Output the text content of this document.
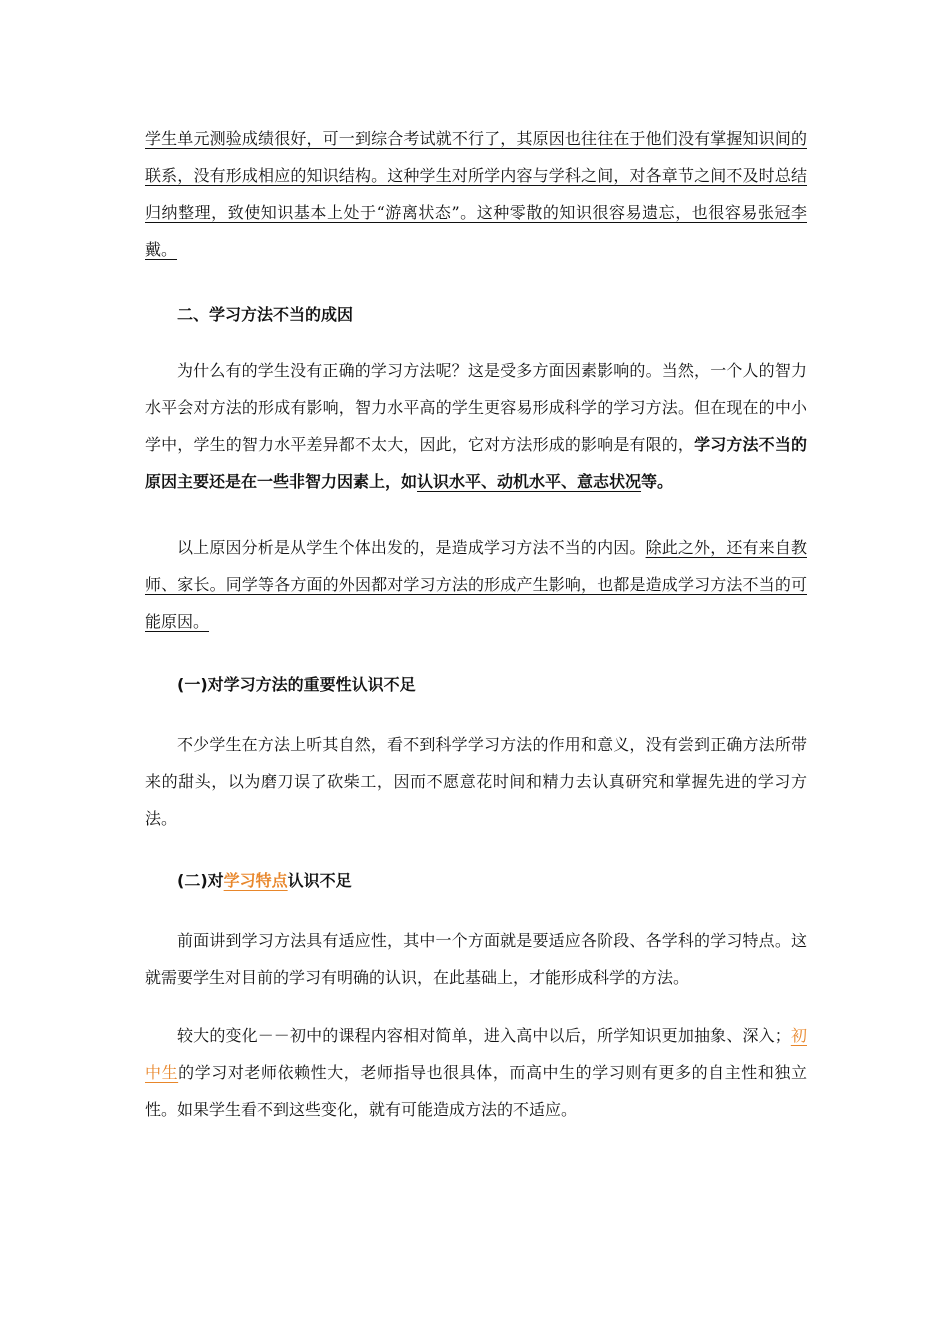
学生单元测验成绩很好，可一到综合考试就不行了，其原因也往往在于他们没有掌握知识间的联系，没有形成相应的知识结构。这种学生对所学内容与学科之间，对各章节之间不及时总结归纳整理，致使知识基本上处于“游离状态”。这种零散的知识很容易遗忘，也很容易张冠李戴。

二、学习方法不当的成因

为什么有的学生没有正确的学习方法呢？这是受多方面因素影响的。当然，一个人的智力水平会对方法的形成有影响，智力水平高的学生更容易形成科学的学习方法。但在现在的中小学中，学生的智力水平差异都不太大，因此，它对方法形成的影响是有限的，学习方法不当的原因主要还是在一些非智力因素上，如认识水平、动机水平、意志状况等。

以上原因分析是从学生个体出发的，是造成学习方法不当的内因。除此之外，还有来自教师、家长。同学等各方面的外因都对学习方法的形成产生影响，也都是造成学习方法不当的可能原因。

(一)对学习方法的重要性认识不足

不少学生在方法上听其自然，看不到科学学习方法的作用和意义，没有尝到正确方法所带来的甜头，以为磨刀误了砍柴工，因而不愿意花时间和精力去认真研究和掌握先进的学习方法。

(二)对学习特点认识不足

前面讲到学习方法具有适应性，其中一个方面就是要适应各阶段、各学科的学习特点。这就需要学生对目前的学习有明确的认识，在此基础上，才能形成科学的方法。

较大的变化－－初中的课程内容相对简单，进入高中以后，所学知识更加抽象、深入；初中生的学习对老师依赖性大，老师指导也很具体，而高中生的学习则有更多的自主性和独立性。如果学生看不到这些变化，就有可能造成方法的不适应。
